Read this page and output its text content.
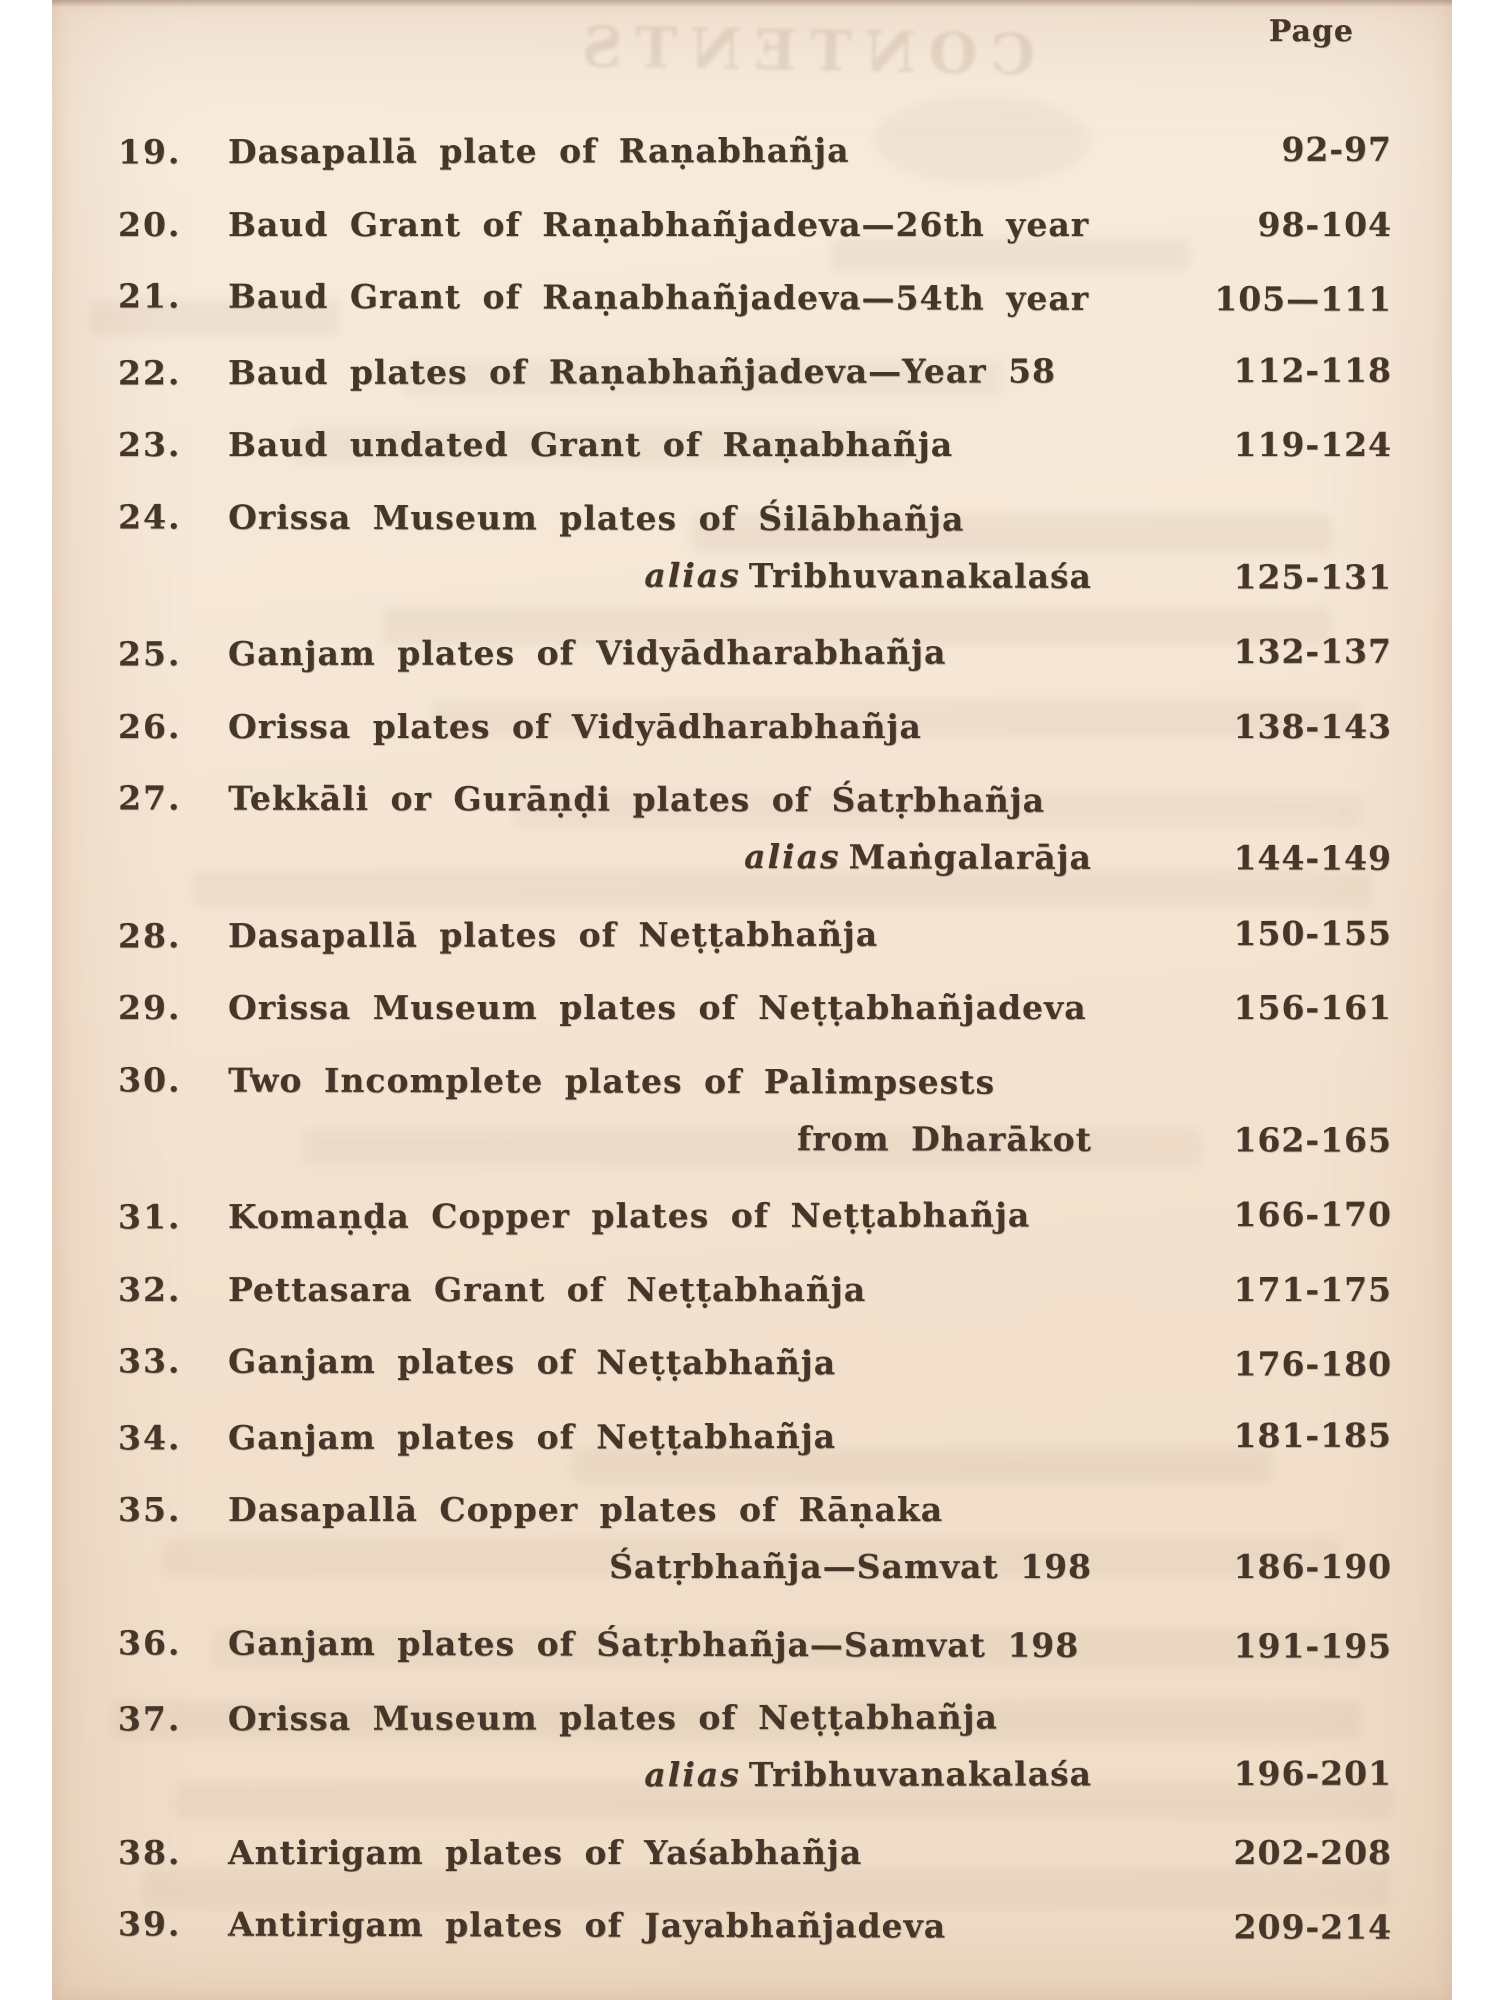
CONTENTS	Page
19.	Dasapallā plate of Raṇabhañja	92-97
20.	Baud Grant of Raṇabhañjadeva—26th year	98-104
21.	Baud Grant of Raṇabhañjadeva—54th year	105—111
22.	Baud plates of Raṇabhañjadeva—Year 58	112-118
23.	Baud undated Grant of Raṇabhañja	119-124
24.	Orissa Museum plates of Śilābhañja
alias Tribhuvanakalaśa	125-131
25.	Ganjam plates of Vidyādharabhañja	132-137
26.	Orissa plates of Vidyādharabhañja	138-143
27.	Tekkāli or Gurāṇḍi plates of Śatṛbhañja
alias Maṅgalarāja	144-149
28.	Dasapallā plates of Neṭṭabhañja	150-155
29.	Orissa Museum plates of Neṭṭabhañjadeva	156-161
30.	Two Incomplete plates of Palimpsests
from Dharākot	162-165
31.	Komaṇḍa Copper plates of Neṭṭabhañja	166-170
32.	Pettasara Grant of Neṭṭabhañja	171-175
33.	Ganjam plates of Neṭṭabhañja	176-180
34.	Ganjam plates of Neṭṭabhañja	181-185
35.	Dasapallā Copper plates of Rāṇaka
Śatṛbhañja—Samvat 198	186-190
36.	Ganjam plates of Śatṛbhañja—Samvat 198	191-195
37.	Orissa Museum plates of Neṭṭabhañja
alias Tribhuvanakalaśa	196-201
38.	Antirigam plates of Yaśabhañja	202-208
39.	Antirigam plates of Jayabhañjadeva	209-214
